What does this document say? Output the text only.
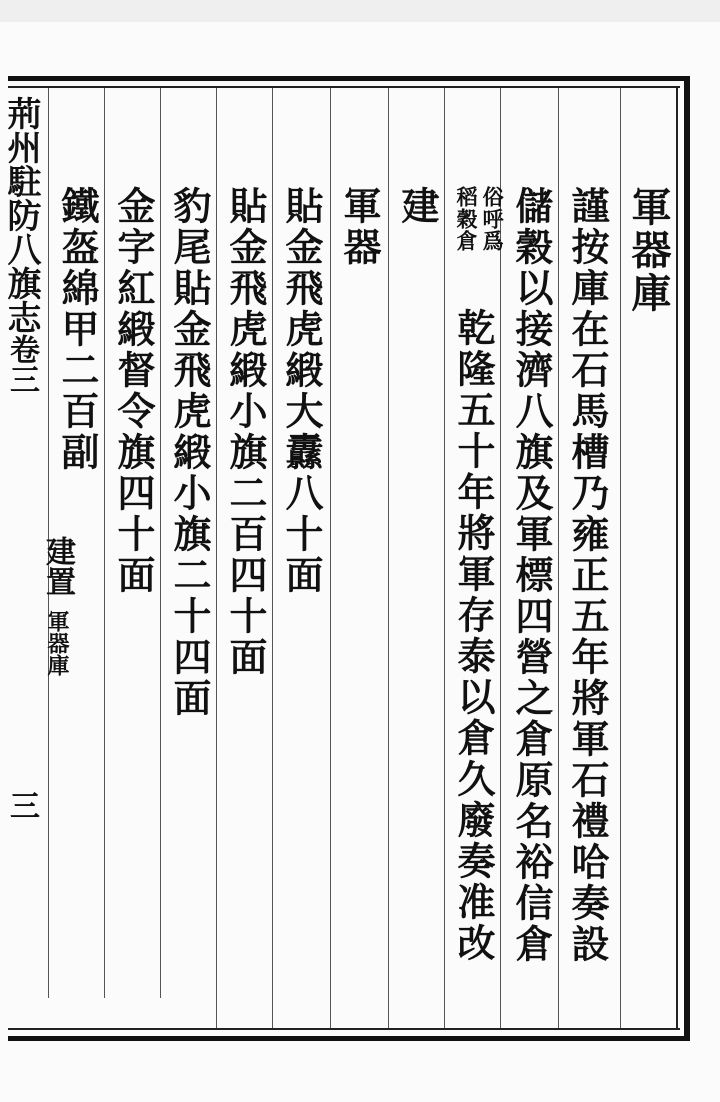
軍器庫
謹按庫在石馬槽乃雍正五年將軍石禮哈奏設
儲穀以接濟八旗及軍標四營之倉原名裕信倉
俗呼爲
稻穀倉
乾隆五十年將軍存泰以倉久廢奏准改
建
軍器
貼金飛虎緞大纛八十面
貼金飛虎緞小旗二百四十面
豹尾貼金飛虎緞小旗二十四面
金字紅緞督令旗四十面
鐵盔綿甲二百副
荊州駐防八旗志卷三
建置軍器庫
三
